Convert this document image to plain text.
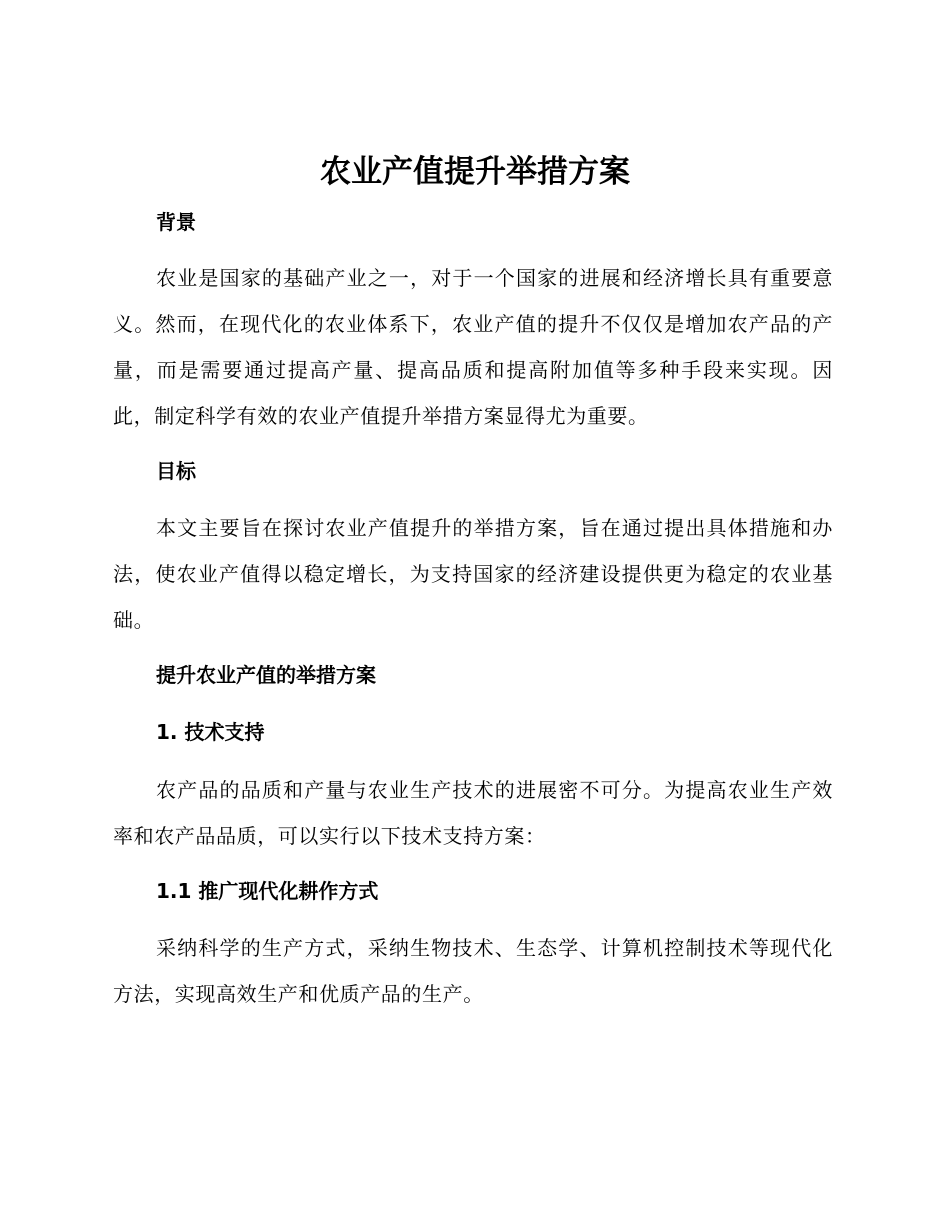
农业产值提升举措方案
背景

农业是国家的基础产业之一，对于一个国家的进展和经济增长具有重要意义。然而，在现代化的农业体系下，农业产值的提升不仅仅是增加农产品的产量，而是需要通过提高产量、提高品质和提高附加值等多种手段来实现。因此，制定科学有效的农业产值提升举措方案显得尤为重要。

目标

本文主要旨在探讨农业产值提升的举措方案，旨在通过提出具体措施和办法，使农业产值得以稳定增长，为支持国家的经济建设提供更为稳定的农业基础。

提升农业产值的举措方案
1. 技术支持

农产品的品质和产量与农业生产技术的进展密不可分。为提高农业生产效率和农产品品质，可以实行以下技术支持方案：

1.1 推广现代化耕作方式

采纳科学的生产方式，采纳生物技术、生态学、计算机控制技术等现代化方法，实现高效生产和优质产品的生产。
